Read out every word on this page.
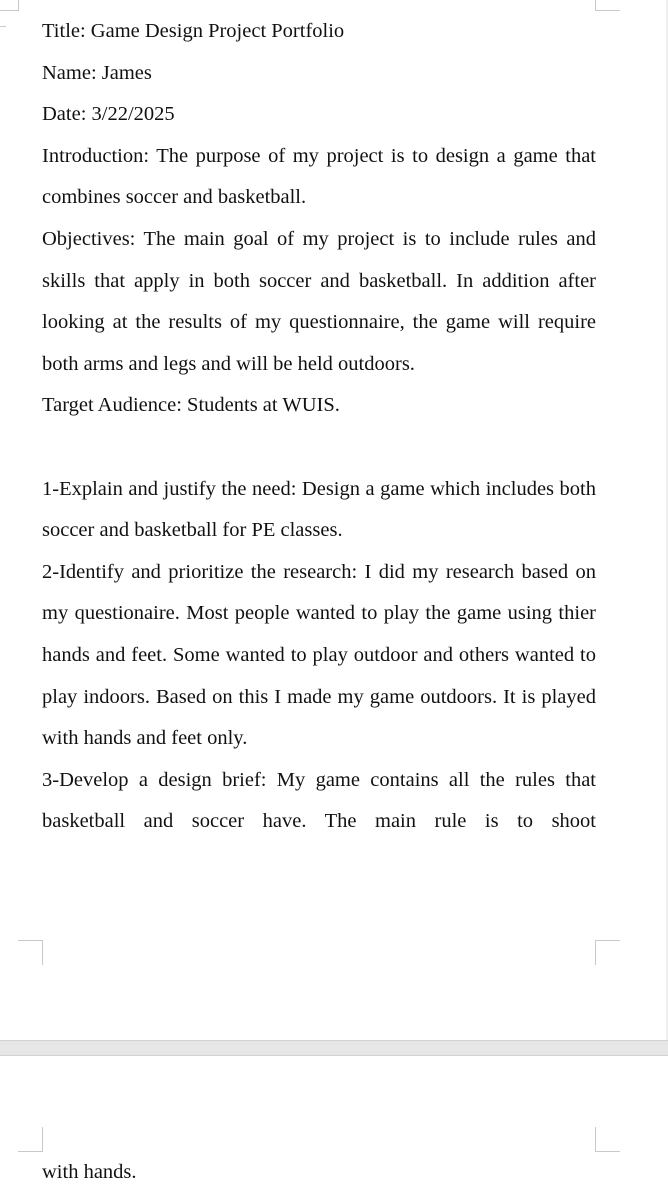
Title: Game Design Project Portfolio

Name: James

Date: 3/22/2025

Introduction: The purpose of my project is to design a game that combines soccer and basketball.

Objectives: The main goal of my project is to include rules and skills that apply in both soccer and basketball. In addition after looking at the results of my questionnaire, the game will require both arms and legs and will be held outdoors.

Target Audience: Students at WUIS.

1-Explain and justify the need: Design a game which includes both soccer and basketball for PE classes.

2-Identify and prioritize the research: I did my research based on my questionaire. Most people wanted to play the game using thier hands and feet. Some wanted to play outdoor and others wanted to play indoors. Based on this I made my game outdoors. It is played with hands and feet only.

3-Develop a design brief: My game contains all the rules that basketball and soccer have. The main rule is to shoot

with hands.
